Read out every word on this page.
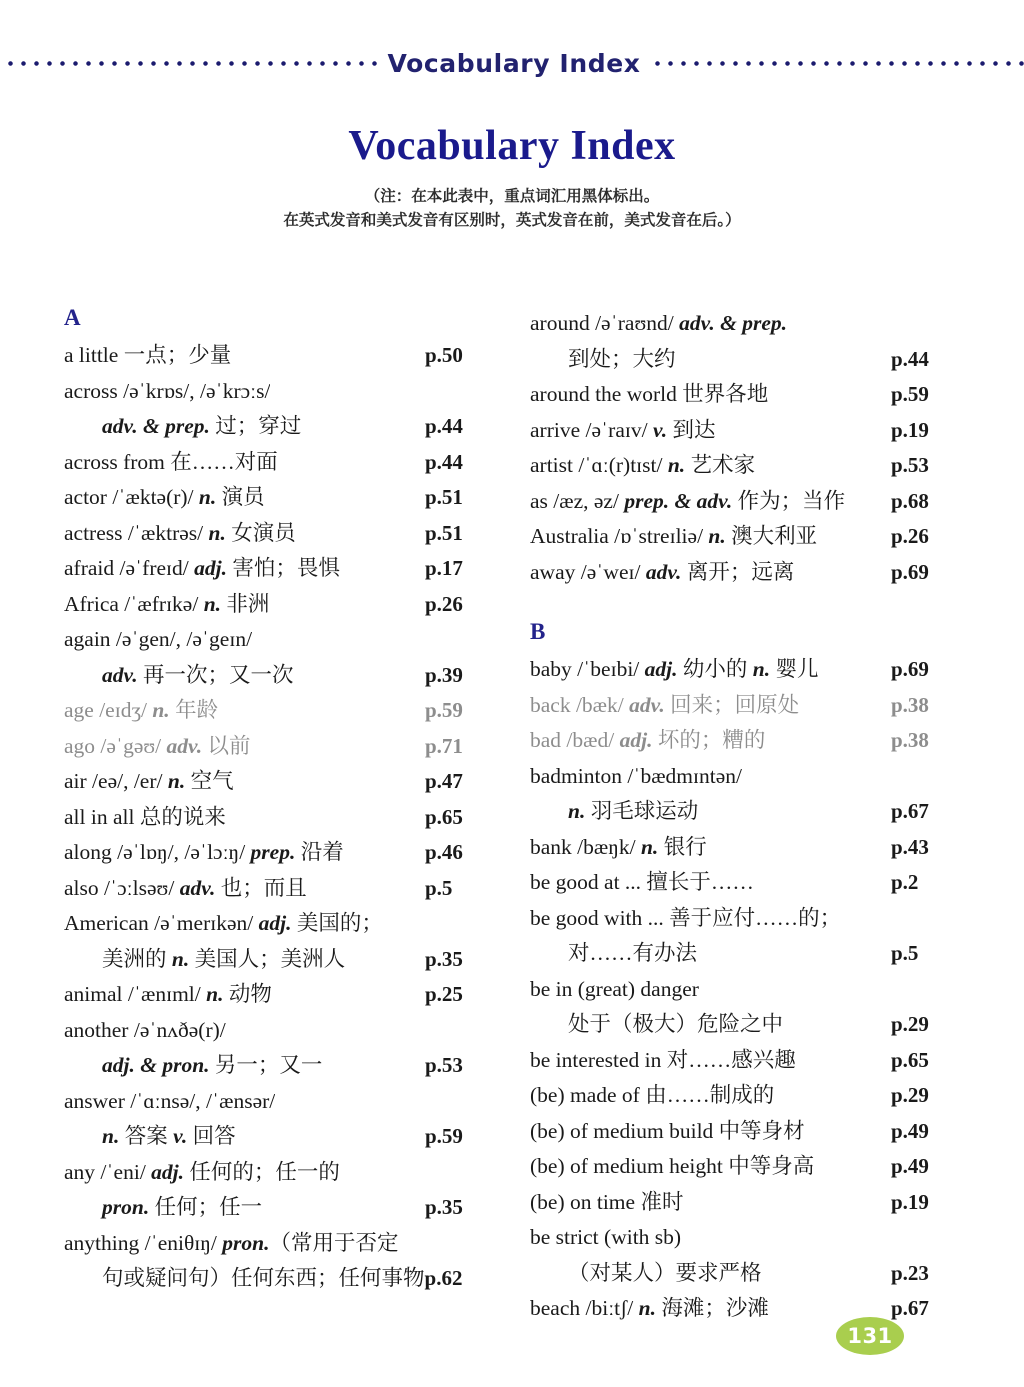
Vocabulary Index
Vocabulary Index
（注：在本此表中，重点词汇用黑体标出。
在英式发音和美式发音有区别时，英式发音在前，美式发音在后。）
A
a little 一点；少量	p.50
across /əˈkrɒs/, /əˈkrɔːs/
adv. & prep. 过；穿过	p.44
across from 在……对面	p.44
actor /ˈæktə(r)/ n. 演员	p.51
actress /ˈæktrəs/ n. 女演员	p.51
afraid /əˈfreɪd/ adj. 害怕；畏惧	p.17
Africa /ˈæfrɪkə/ n. 非洲	p.26
again /əˈgen/, /əˈgeɪn/
adv. 再一次；又一次	p.39
age /eɪdʒ/ n. 年龄	p.59
ago /əˈgəʊ/ adv. 以前	p.71
air /eə/, /er/ n. 空气	p.47
all in all 总的说来	p.65
along /əˈlɒŋ/, /əˈlɔːŋ/ prep. 沿着	p.46
also /ˈɔːlsəʊ/ adv. 也；而且	p.5
American /əˈmerɪkən/ adj. 美国的；
美洲的 n. 美国人；美洲人	p.35
animal /ˈænɪml/ n. 动物	p.25
another /əˈnʌðə(r)/
adj. & pron. 另一；又一	p.53
answer /ˈɑːnsə/, /ˈænsər/
n. 答案 v. 回答	p.59
any /ˈeni/ adj. 任何的；任一的
pron. 任何；任一	p.35
anything /ˈeniθɪŋ/ pron.（常用于否定
句或疑问句）任何东西；任何事物 p.62
around /əˈraʊnd/ adv. & prep.
到处；大约	p.44
around the world 世界各地	p.59
arrive /əˈraɪv/ v. 到达	p.19
artist /ˈɑː(r)tɪst/ n. 艺术家	p.53
as /æz, əz/ prep. & adv. 作为；当作 p.68
Australia /ɒˈstreɪliə/ n. 澳大利亚	p.26
away /əˈweɪ/ adv. 离开；远离	p.69
B
baby /ˈbeɪbi/ adj. 幼小的 n. 婴儿	p.69
back /bæk/ adv. 回来；回原处	p.38
bad /bæd/ adj. 坏的；糟的	p.38
badminton /ˈbædmɪntən/
n. 羽毛球运动	p.67
bank /bæŋk/ n. 银行	p.43
be good at ... 擅长于……	p.2
be good with ... 善于应付……的；
对……有办法	p.5
be in (great) danger
处于（极大）危险之中	p.29
be interested in 对……感兴趣	p.65
(be) made of 由……制成的	p.29
(be) of medium build 中等身材	p.49
(be) of medium height 中等身高	p.49
(be) on time 准时	p.19
be strict (with sb)
（对某人）要求严格	p.23
beach /biːtʃ/ n. 海滩；沙滩	p.67
131
